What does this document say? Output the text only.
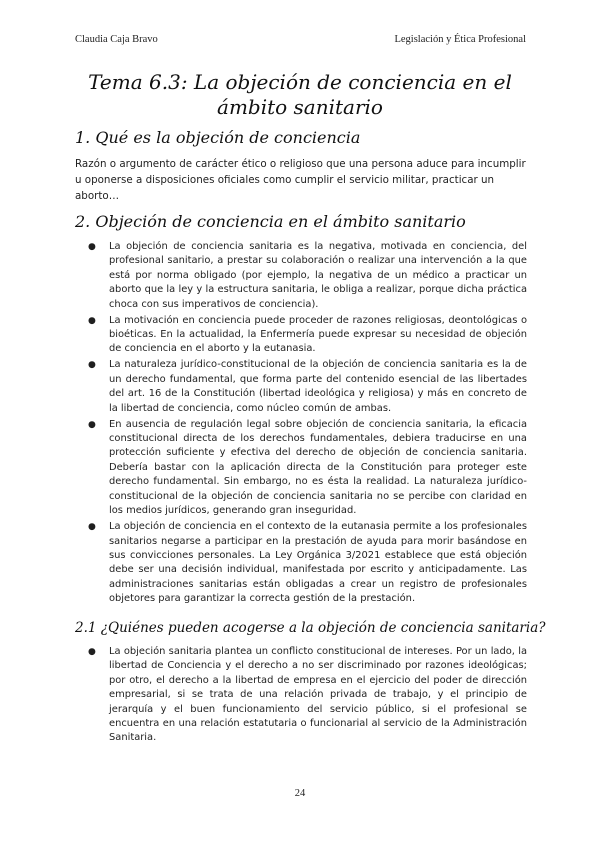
Claudia Caja Bravo	Legislación y Ética Profesional
Tema 6.3: La objeción de conciencia en el ámbito sanitario
1. Qué es la objeción de conciencia

Razón o argumento de carácter ético o religioso que una persona aduce para incumplir u oponerse a disposiciones oficiales como cumplir el servicio militar, practicar un aborto…

2. Objeción de conciencia en el ámbito sanitario
● La objeción de conciencia sanitaria es la negativa, motivada en conciencia, del profesional sanitario, a prestar su colaboración o realizar una intervención a la que está por norma obligado (por ejemplo, la negativa de un médico a practicar un aborto que la ley y la estructura sanitaria, le obliga a realizar, porque dicha práctica choca con sus imperativos de conciencia).
● La motivación en conciencia puede proceder de razones religiosas, deontológicas o bioéticas. En la actualidad, la Enfermería puede expresar su necesidad de objeción de conciencia en el aborto y la eutanasia.
● La naturaleza jurídico-constitucional de la objeción de conciencia sanitaria es la de un derecho fundamental, que forma parte del contenido esencial de las libertades del art. 16 de la Constitución (libertad ideológica y religiosa) y más en concreto de la libertad de conciencia, como núcleo común de ambas.
● En ausencia de regulación legal sobre objeción de conciencia sanitaria, la eficacia constitucional directa de los derechos fundamentales, debiera traducirse en una protección suficiente y efectiva del derecho de objeción de conciencia sanitaria. Debería bastar con la aplicación directa de la Constitución para proteger este derecho fundamental. Sin embargo, no es ésta la realidad. La naturaleza jurídico-constitucional de la objeción de conciencia sanitaria no se percibe con claridad en los medios jurídicos, generando gran inseguridad.
● La objeción de conciencia en el contexto de la eutanasia permite a los profesionales sanitarios negarse a participar en la prestación de ayuda para morir basándose en sus convicciones personales. La Ley Orgánica 3/2021 establece que está objeción debe ser una decisión individual, manifestada por escrito y anticipadamente. Las administraciones sanitarias están obligadas a crear un registro de profesionales objetores para garantizar la correcta gestión de la prestación.
2.1 ¿Quiénes pueden acogerse a la objeción de conciencia sanitaria?
● La objeción sanitaria plantea un conflicto constitucional de intereses. Por un lado, la libertad de Conciencia y el derecho a no ser discriminado por razones ideológicas; por otro, el derecho a la libertad de empresa en el ejercicio del poder de dirección empresarial, si se trata de una relación privada de trabajo, y el principio de jerarquía y el buen funcionamiento del servicio público, si el profesional se encuentra en una relación estatutaria o funcionarial al servicio de la Administración Sanitaria.
24
